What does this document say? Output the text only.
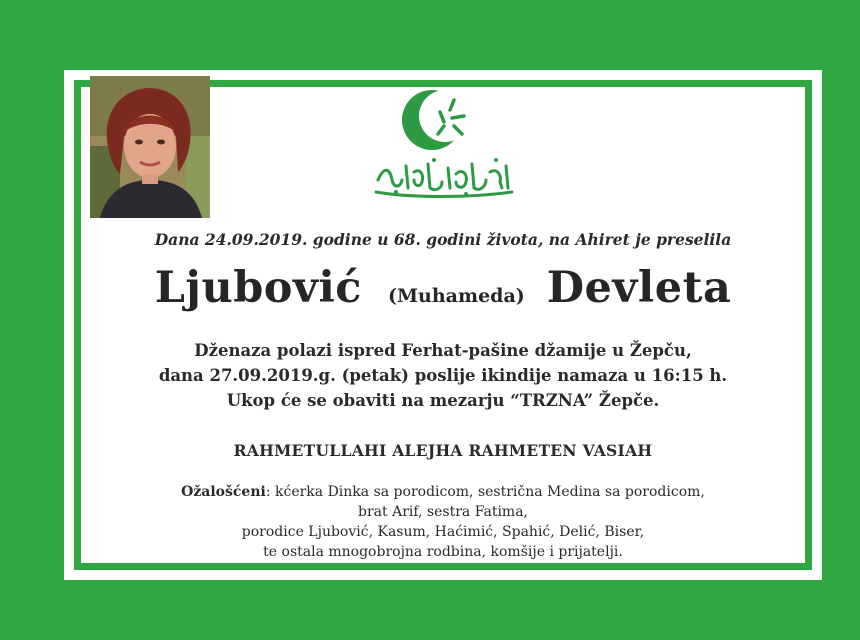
Dana 24.09.2019. godine u 68. godini života, na Ahiret je preselila
Ljubović (Muhameda) Devleta
Dženaza polazi ispred Ferhat-pašine džamije u Žepču,
dana 27.09.2019.g. (petak) poslije ikindije namaza u 16:15 h.
Ukop će se obaviti na mezarju “TRZNA” Žepče.
RAHMETULLAHI ALEJHA RAHMETEN VASIAH
Ožalošćeni: kćerka Dinka sa porodicom, sestrična Medina sa porodicom,
brat Arif, sestra Fatima,
porodice Ljubović, Kasum, Hаćimić, Spahić, Delić, Biser,
te ostala mnogobrojna rodbina, komšije i prijatelji.
